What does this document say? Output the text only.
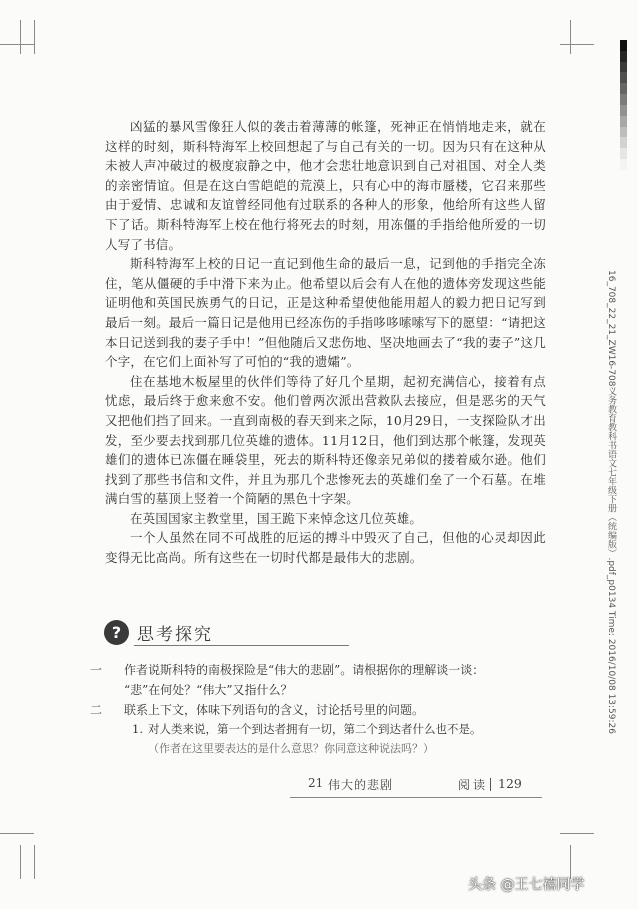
16_708_22_21_ZW16-708义务教育教科书语文七年级下册（统编版）.pdf_p0134 Time: 2016/10/08 13:59:26

凶猛的暴风雪像狂人似的袭击着薄薄的帐篷，死神正在悄悄地走来，就在这样的时刻，斯科特海军上校回想起了与自己有关的一切。因为只有在这种从未被人声冲破过的极度寂静之中，他才会悲壮地意识到自己对祖国、对全人类的亲密情谊。但是在这白雪皑皑的荒漠上，只有心中的海市蜃楼，它召来那些由于爱情、忠诚和友谊曾经同他有过联系的各种人的形象，他给所有这些人留下了话。斯科特海军上校在他行将死去的时刻，用冻僵的手指给他所爱的一切人写了书信。

斯科特海军上校的日记一直记到他生命的最后一息，记到他的手指完全冻住，笔从僵硬的手中滑下来为止。他希望以后会有人在他的遗体旁发现这些能证明他和英国民族勇气的日记，正是这种希望使他能用超人的毅力把日记写到最后一刻。最后一篇日记是他用已经冻伤的手指哆哆嗦嗦写下的愿望：“请把这本日记送到我的妻子手中！”但他随后又悲伤地、坚决地画去了“我的妻子”这几个字，在它们上面补写了可怕的“我的遗孀”。

住在基地木板屋里的伙伴们等待了好几个星期，起初充满信心，接着有点忧虑，最后终于愈来愈不安。他们曾两次派出营救队去接应，但是恶劣的天气又把他们挡了回来。一直到南极的春天到来之际，10月29日，一支探险队才出发，至少要去找到那几位英雄的遗体。11月12日，他们到达那个帐篷，发现英雄们的遗体已冻僵在睡袋里，死去的斯科特还像亲兄弟似的搂着威尔逊。他们找到了那些书信和文件，并且为那几个悲惨死去的英雄们垒了一个石墓。在堆满白雪的墓顶上竖着一个简陋的黑色十字架。

在英国国家主教堂里，国王跪下来悼念这几位英雄。

一个人虽然在同不可战胜的厄运的搏斗中毁灭了自己，但他的心灵却因此变得无比高尚。所有这些在一切时代都是最伟大的悲剧。

? 思考探究
一 作者说斯科特的南极探险是“伟大的悲剧”。请根据你的理解谈一谈：
“悲”在何处？“伟大”又指什么？
二 联系上下文，体味下列语句的含义，讨论括号里的问题。
1. 对人类来说，第一个到达者拥有一切，第二个到达者什么也不是。
（作者在这里要表达的是什么意思？你同意这种说法吗？）
21 伟大的悲剧	阅读 129
头条 @王七禧同学
